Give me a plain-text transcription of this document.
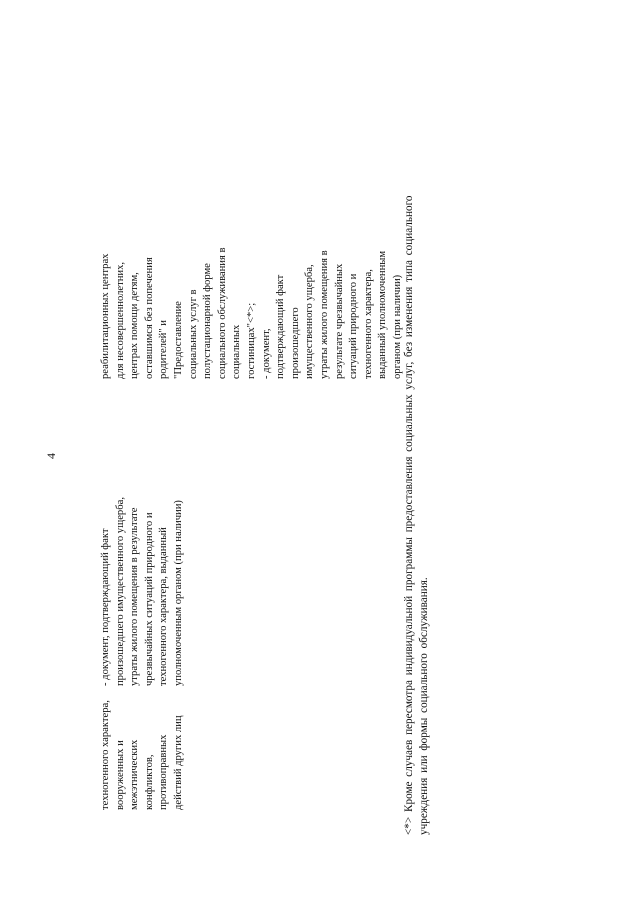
4
техногенного характера, вооруженных и межэтнических конфликтов, противоправных действий других лиц
- документ, подтверждающий факт произошедшего имущественного ущерба, утраты жилого помещения в результате чрезвычайных ситуаций природного и техногенного характера, выданный уполномоченным органом (при наличии)
реабилитационных центрах для несовершеннолетних, центрах помощи детям, оставшимся без попечения родителей" и "Предоставление социальных услуг в полустационарной форме социального обслуживания в социальных гостиницах"<*>; - документ, подтверждающий факт произошедшего имущественного ущерба, утраты жилого помещения в результате чрезвычайных ситуаций природного и техногенного характера, выданный уполномоченным органом (при наличии) <*> Кроме случаев пересмотра индивидуальной программы предоставления социальных услуг, без изменения типа социального учреждения или формы социального обслуживания.
